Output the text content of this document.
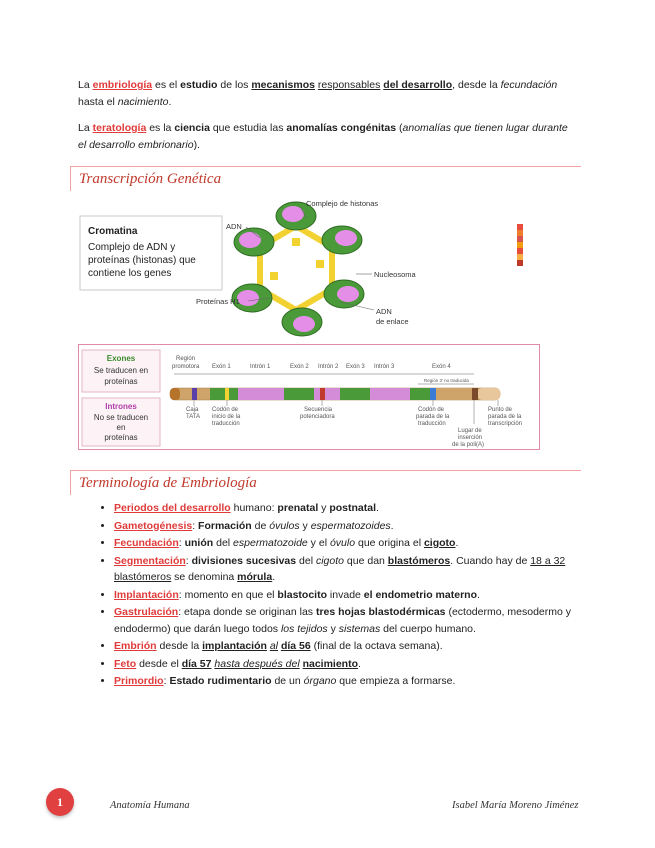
La embriología es el estudio de los mecanismos responsables del desarrollo, desde la fecundación hasta el nacimiento.
La teratología es la ciencia que estudia las anomalías congénitas (anomalías que tienen lugar durante el desarrollo embrionario).
Transcripción Genética
Cromatina
Complejo de ADN y
proteínas (histonas) que
contiene los genes
Complejo de histonas
ADN
Nucleosoma
Proteínas H1
ADN
de enlace
Exones
Se traducen en
proteínas
Intrones
No se traducen
en
proteínas
Región
promotora Exón 1	Intrón 1	Exón 2 Intrón 2 Exón 3 Intrón 3	Exón 4
Región 3' no traducida
Caja
TATA
Codón de
inicio de la
traducción
Secuencia
potenciadora
Codón de
parada de la
traducción
Punto de
parada de la
transcripción
Lugar de
inserción
de la poli(A)
Terminología de Embriología
• Periodos del desarrollo humano: prenatal y postnatal.
• Gametogénesis: Formación de óvulos y espermatozoides.
• Fecundación: unión del espermatozoide y el óvulo que origina el cigoto.
• Segmentación: divisiones sucesivas del cigoto que dan blastómeros. Cuando hay de 18 a 32 blastómeros se denomina mórula.
• Implantación: momento en que el blastocito invade el endometrio materno.
• Gastrulación: etapa donde se originan las tres hojas blastodérmicas (ectodermo, mesodermo y endodermo) que darán luego todos los tejidos y sistemas del cuerpo humano.
• Embrión desde la implantación al día 56 (final de la octava semana).
• Feto desde el día 57 hasta después del nacimiento.
• Primordio: Estado rudimentario de un órgano que empieza a formarse.
1	Anatomía Humana	Isabel María Moreno Jiménez
